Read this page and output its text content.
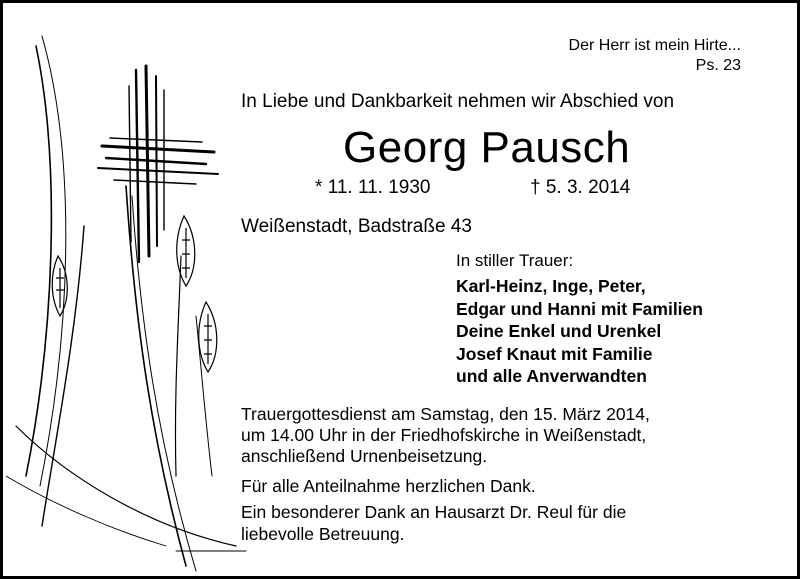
Der Herr ist mein Hirte...
Ps. 23
In Liebe und Dankbarkeit nehmen wir Abschied von
Georg Pausch
* 11. 11. 1930	† 5. 3. 2014
Weißenstadt, Badstraße 43
In stiller Trauer:
Karl-Heinz, Inge, Peter,
Edgar und Hanni mit Familien
Deine Enkel und Urenkel
Josef Knaut mit Familie
und alle Anverwandten
Trauergottesdienst am Samstag, den 15. März 2014,
um 14.00 Uhr in der Friedhofskirche in Weißenstadt,
anschließend Urnenbeisetzung.
Für alle Anteilnahme herzlichen Dank.
Ein besonderer Dank an Hausarzt Dr. Reul für die
liebevolle Betreuung.
